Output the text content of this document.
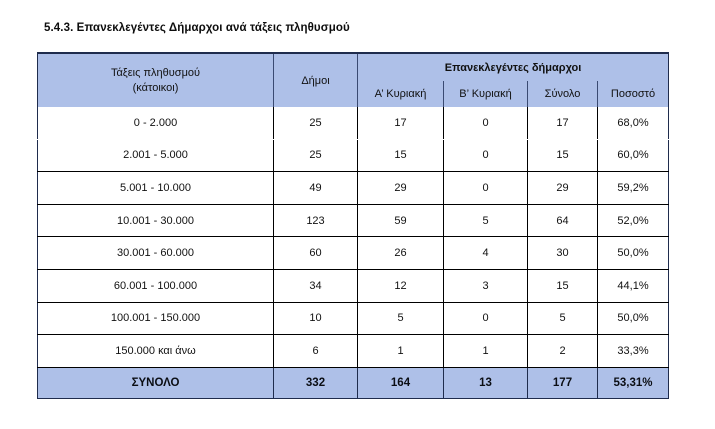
5.4.3. Επανεκλεγέντες Δήμαρχοι ανά τάξεις πληθυσμού
Τάξεις πληθυσμού
(κάτοικοι)	Δήμοι	Επανεκλεγέντες δήμαρχοι			
		Α’ Κυριακή	Β’ Κυριακή	Σύνολο	Ποσοστό
0 - 2.000	25	17	0	17	68,0%
2.001 - 5.000	25	15	0	15	60,0%
5.001 - 10.000	49	29	0	29	59,2%
10.001 - 30.000	123	59	5	64	52,0%
30.001 - 60.000	60	26	4	30	50,0%
60.001 - 100.000	34	12	3	15	44,1%
100.001 - 150.000	10	5	0	5	50,0%
150.000 και άνω	6	1	1	2	33,3%
ΣΥΝΟΛΟ	332	164	13	177	53,31%
